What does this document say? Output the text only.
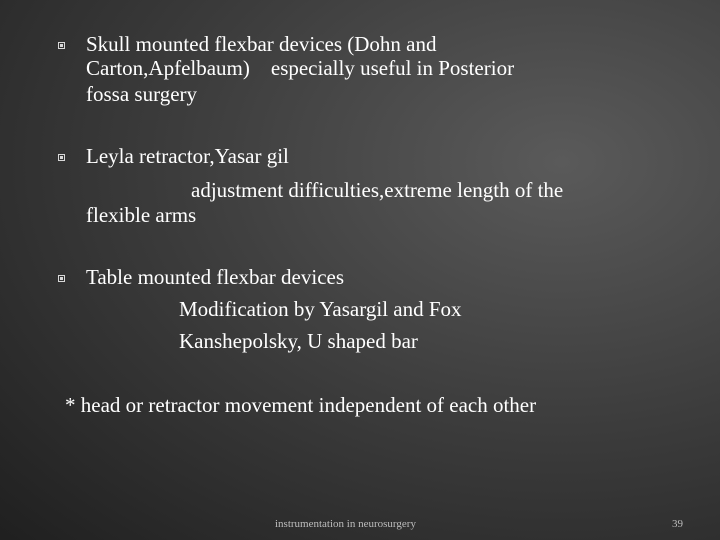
Skull mounted flexbar devices (Dohn and
Carton,Apfelbaum)    especially useful in Posterior
fossa surgery
Leyla retractor,Yasar gil
adjustment difficulties,extreme length of the
flexible arms
Table mounted flexbar devices
Modification by Yasargil and Fox
Kanshepolsky, U shaped bar
* head or retractor movement independent of each other
instrumentation in neurosurgery	39
